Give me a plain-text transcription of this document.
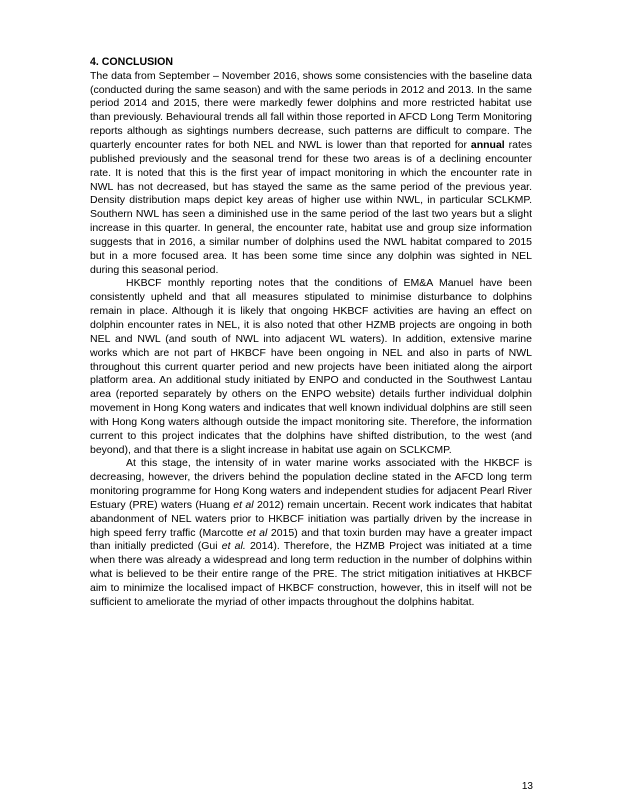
4. CONCLUSION

The data from September – November 2016, shows some consistencies with the baseline data (conducted during the same season) and with the same periods in 2012 and 2013. In the same period 2014 and 2015, there were markedly fewer dolphins and more restricted habitat use than previously. Behavioural trends all fall within those reported in AFCD Long Term Monitoring reports although as sightings numbers decrease, such patterns are difficult to compare. The quarterly encounter rates for both NEL and NWL is lower than that reported for annual rates published previously and the seasonal trend for these two areas is of a declining encounter rate. It is noted that this is the first year of impact monitoring in which the encounter rate in NWL has not decreased, but has stayed the same as the same period of the previous year. Density distribution maps depict key areas of higher use within NWL, in particular SCLKMP. Southern NWL has seen a diminished use in the same period of the last two years but a slight increase in this quarter. In general, the encounter rate, habitat use and group size information suggests that in 2016, a similar number of dolphins used the NWL habitat compared to 2015 but in a more focused area. It has been some time since any dolphin was sighted in NEL during this seasonal period.

HKBCF monthly reporting notes that the conditions of EM&A Manuel have been consistently upheld and that all measures stipulated to minimise disturbance to dolphins remain in place. Although it is likely that ongoing HKBCF activities are having an effect on dolphin encounter rates in NEL, it is also noted that other HZMB projects are ongoing in both NEL and NWL (and south of NWL into adjacent WL waters). In addition, extensive marine works which are not part of HKBCF have been ongoing in NEL and also in parts of NWL throughout this current quarter period and new projects have been initiated along the airport platform area. An additional study initiated by ENPO and conducted in the Southwest Lantau area (reported separately by others on the ENPO website) details further individual dolphin movement in Hong Kong waters and indicates that well known individual dolphins are still seen with Hong Kong waters although outside the impact monitoring site. Therefore, the information current to this project indicates that the dolphins have shifted distribution, to the west (and beyond), and that there is a slight increase in habitat use again on SCLKCMP.

At this stage, the intensity of in water marine works associated with the HKBCF is decreasing, however, the drivers behind the population decline stated in the AFCD long term monitoring programme for Hong Kong waters and independent studies for adjacent Pearl River Estuary (PRE) waters (Huang et al 2012) remain uncertain. Recent work indicates that habitat abandonment of NEL waters prior to HKBCF initiation was partially driven by the increase in high speed ferry traffic (Marcotte et al 2015) and that toxin burden may have a greater impact than initially predicted (Gui et al. 2014). Therefore, the HZMB Project was initiated at a time when there was already a widespread and long term reduction in the number of dolphins within what is believed to be their entire range of the PRE. The strict mitigation initiatives at HKBCF aim to minimize the localised impact of HKBCF construction, however, this in itself will not be sufficient to ameliorate the myriad of other impacts throughout the dolphins habitat.

13
